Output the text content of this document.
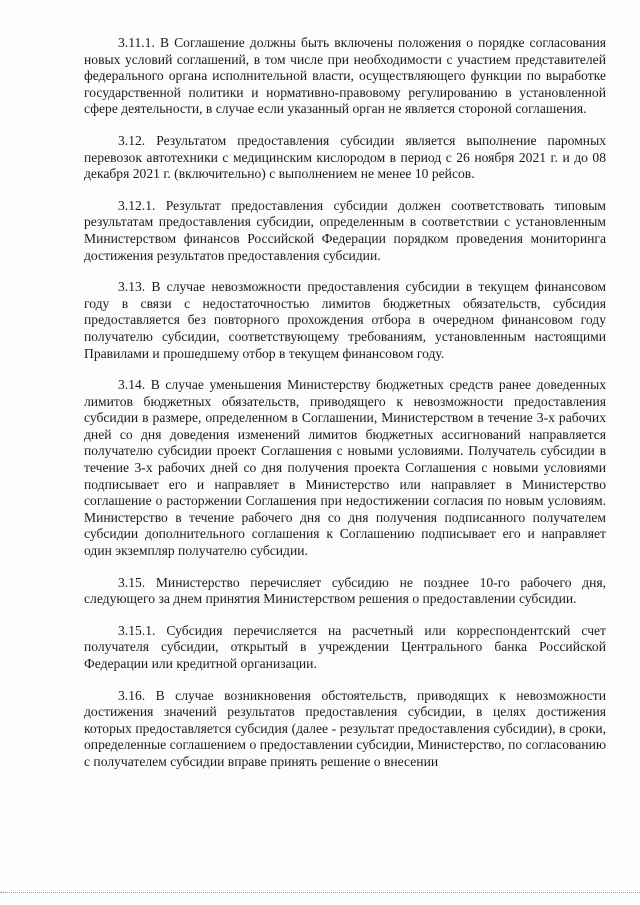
3.11.1. В Соглашение должны быть включены положения о порядке согласования новых условий соглашений, в том числе при необходимости с участием представителей федерального органа исполнительной власти, осуществляющего функции по выработке государственной политики и нормативно-правовому регулированию в установленной сфере деятельности, в случае если указанный орган не является стороной соглашения.

3.12. Результатом предоставления субсидии является выполнение паромных перевозок автотехники с медицинским кислородом в период с 26 ноября 2021 г. и до 08 декабря 2021 г. (включительно) с выполнением не менее 10 рейсов.

3.12.1. Результат предоставления субсидии должен соответствовать типовым результатам предоставления субсидии, определенным в соответствии с установленным Министерством финансов Российской Федерации порядком проведения мониторинга достижения результатов предоставления субсидии.

3.13. В случае невозможности предоставления субсидии в текущем финансовом году в связи с недостаточностью лимитов бюджетных обязательств, субсидия предоставляется без повторного прохождения отбора в очередном финансовом году получателю субсидии, соответствующему требованиям, установленным настоящими Правилами и прошедшему отбор в текущем финансовом году.

3.14. В случае уменьшения Министерству бюджетных средств ранее доведенных лимитов бюджетных обязательств, приводящего к невозможности предоставления субсидии в размере, определенном в Соглашении, Министерством в течение 3-х рабочих дней со дня доведения изменений лимитов бюджетных ассигнований направляется получателю субсидии проект Соглашения с новыми условиями. Получатель субсидии в течение 3-х рабочих дней со дня получения проекта Соглашения с новыми условиями подписывает его и направляет в Министерство или направляет в Министерство соглашение о расторжении Соглашения при недостижении согласия по новым условиям. Министерство в течение рабочего дня со дня получения подписанного получателем субсидии дополнительного соглашения к Соглашению подписывает его и направляет один экземпляр получателю субсидии.

3.15. Министерство перечисляет субсидию не позднее 10-го рабочего дня, следующего за днем принятия Министерством решения о предоставлении субсидии.

3.15.1. Субсидия перечисляется на расчетный или корреспондентский счет получателя субсидии, открытый в учреждении Центрального банка Российской Федерации или кредитной организации.

3.16. В случае возникновения обстоятельств, приводящих к невозможности достижения значений результатов предоставления субсидии, в целях достижения которых предоставляется субсидия (далее - результат предоставления субсидии), в сроки, определенные соглашением о предоставлении субсидии, Министерство, по согласованию с получателем субсидии вправе принять решение о внесении
